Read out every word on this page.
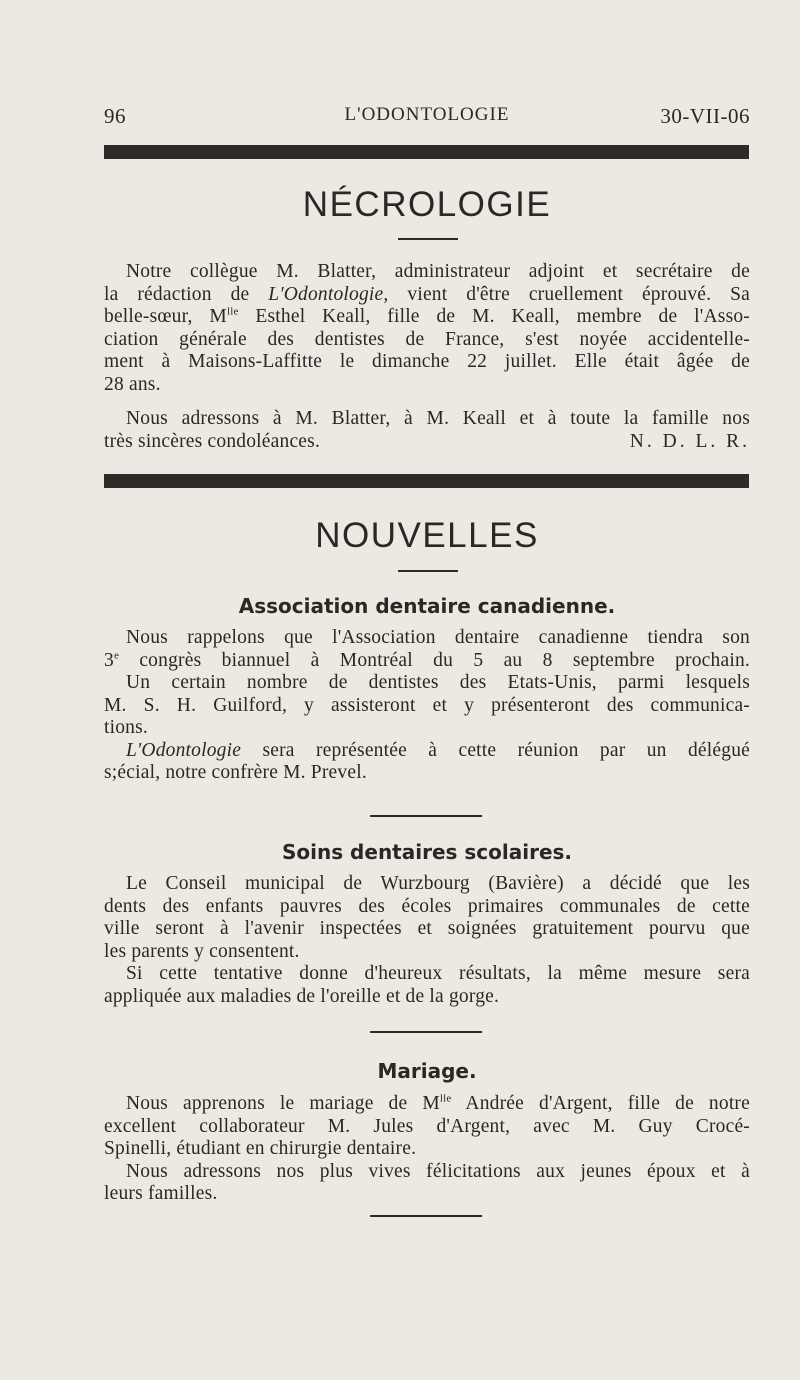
96	L'ODONTOLOGIE	30-VII-06
NÉCROLOGIE
Notre collègue M. Blatter, administrateur adjoint et secrétaire de
la rédaction de L'Odontologie, vient d'être cruellement éprouvé. Sa
belle-sœur, $M^{lle}$ Esthel Keall, fille de M. Keall, membre de l'Asso-
ciation générale des dentistes de France, s'est noyée accidentelle-
ment à Maisons-Laffitte le dimanche 22 juillet. Elle était âgée de
28 ans.
Nous adressons à M. Blatter, à M. Keall et à toute la famille nos
très sincères condoléances.	N. D. L. R.
NOUVELLES
Association dentaire canadienne.
Nous rappelons que l'Association dentaire canadienne tiendra son
3e congrès biannuel à Montréal du 5 au 8 septembre prochain.
Un certain nombre de dentistes des Etats-Unis, parmi lesquels
M. S. H. Guilford, y assisteront et y présenteront des communica-
tions.
L'Odontologie sera représentée à cette réunion par un délégué
s;écial, notre confrère M. Prevel.
Soins dentaires scolaires.
Le Conseil municipal de Wurzbourg (Bavière) a décidé que les
dents des enfants pauvres des écoles primaires communales de cette
ville seront à l'avenir inspectées et soignées gratuitement pourvu que
les parents y consentent.
Si cette tentative donne d'heureux résultats, la même mesure sera
appliquée aux maladies de l'oreille et de la gorge.
Mariage.
Nous apprenons le mariage de $M^{lle}$ Andrée d'Argent, fille de notre
excellent collaborateur M. Jules d'Argent, avec M. Guy Crocé-
Spinelli, étudiant en chirurgie dentaire.
Nous adressons nos plus vives félicitations aux jeunes époux et à
leurs familles.
